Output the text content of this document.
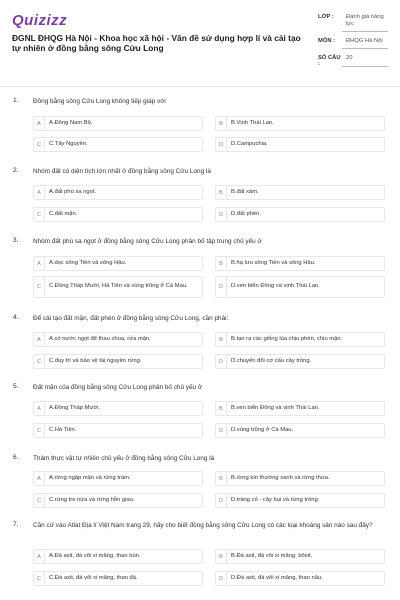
Quizizz
ĐGNL ĐHQG Hà Nội - Khoa học xã hội - Vấn đề sử dụng hợp lí và cải tạo tự nhiên ở đồng bằng sông Cửu Long
LỚP :	Đánh giá năng lực
MÔN :	ĐHQG Hà Nội
SỐ CÂU :
20
1. Đồng bằng sông Cửu Long không tiếp giáp với
A	A.Đông Nam Bộ.	B	B.Vịnh Thái Lan.
C	C.Tây Nguyên.	D	D.Campuchia.
2. Nhóm đất có diện tích lớn nhất ở đồng bằng sông Cửu Long là
A	A.đất phù sa ngọt.	B	B.đất xám.
C	C.đất mặn.	D	D.đất phèn.
3. Nhóm đất phù sa ngọt ở đồng bằng sông Cửu Long phân bố tập trung chủ yếu ở
A	A.dọc sông Tiền và sông Hậu.	B	B.hạ lưu sông Tiền và sông Hậu.
C	C.Đồng Tháp Mười, Hà Tiên và vùng trũng ở Cà Mau.	D	D.ven biển Đông và vịnh Thái Lan.
4. Để cải tạo đất mặn, đất phèn ở đồng bằng sông Cửu Long, cần phải:
A	A.có nước ngọt để thau chua, rửa mặn.	B	B.tạo ra các giống lúa chịu phèn, chịu mặn.
C	C.duy trì và bảo vệ tài nguyên rừng.	D	D.chuyển đổi cơ cấu cây trồng.
5. Đất mặn của đồng bằng sông Cửu Long phân bố chủ yếu ở
A	A.Đồng Tháp Mười.	B	B.ven biển Đông và vịnh Thái Lan.
C	C.Hà Tiên.	D	D.vùng trũng ở Cà Mau.
6. Thảm thực vật tự nhiên chủ yếu ở đồng bằng sông Cửu Long là
A	A.rừng ngập mặn và rừng tràm.	B	B.rừng kín thường xanh và rừng thưa.
C	C.rừng tre nứa và rừng hỗn giao.	D	D.trảng cỏ - cây bụi và rừng trồng.
7. Căn cứ vào Atlat Địa lí Việt Nam trang 29, hãy cho biết đồng bằng sông Cửu Long có các loại khoáng sản nào sau đây?
A	A.Đá axit, đá vôi xi măng, than bùn.	B	B.Đá axit, đá vôi xi măng, bôxit.
C	C.Đá axit, đá vôi xi măng, than đá.	D	D.Đá axit, đá vôi xi măng, than nâu.
